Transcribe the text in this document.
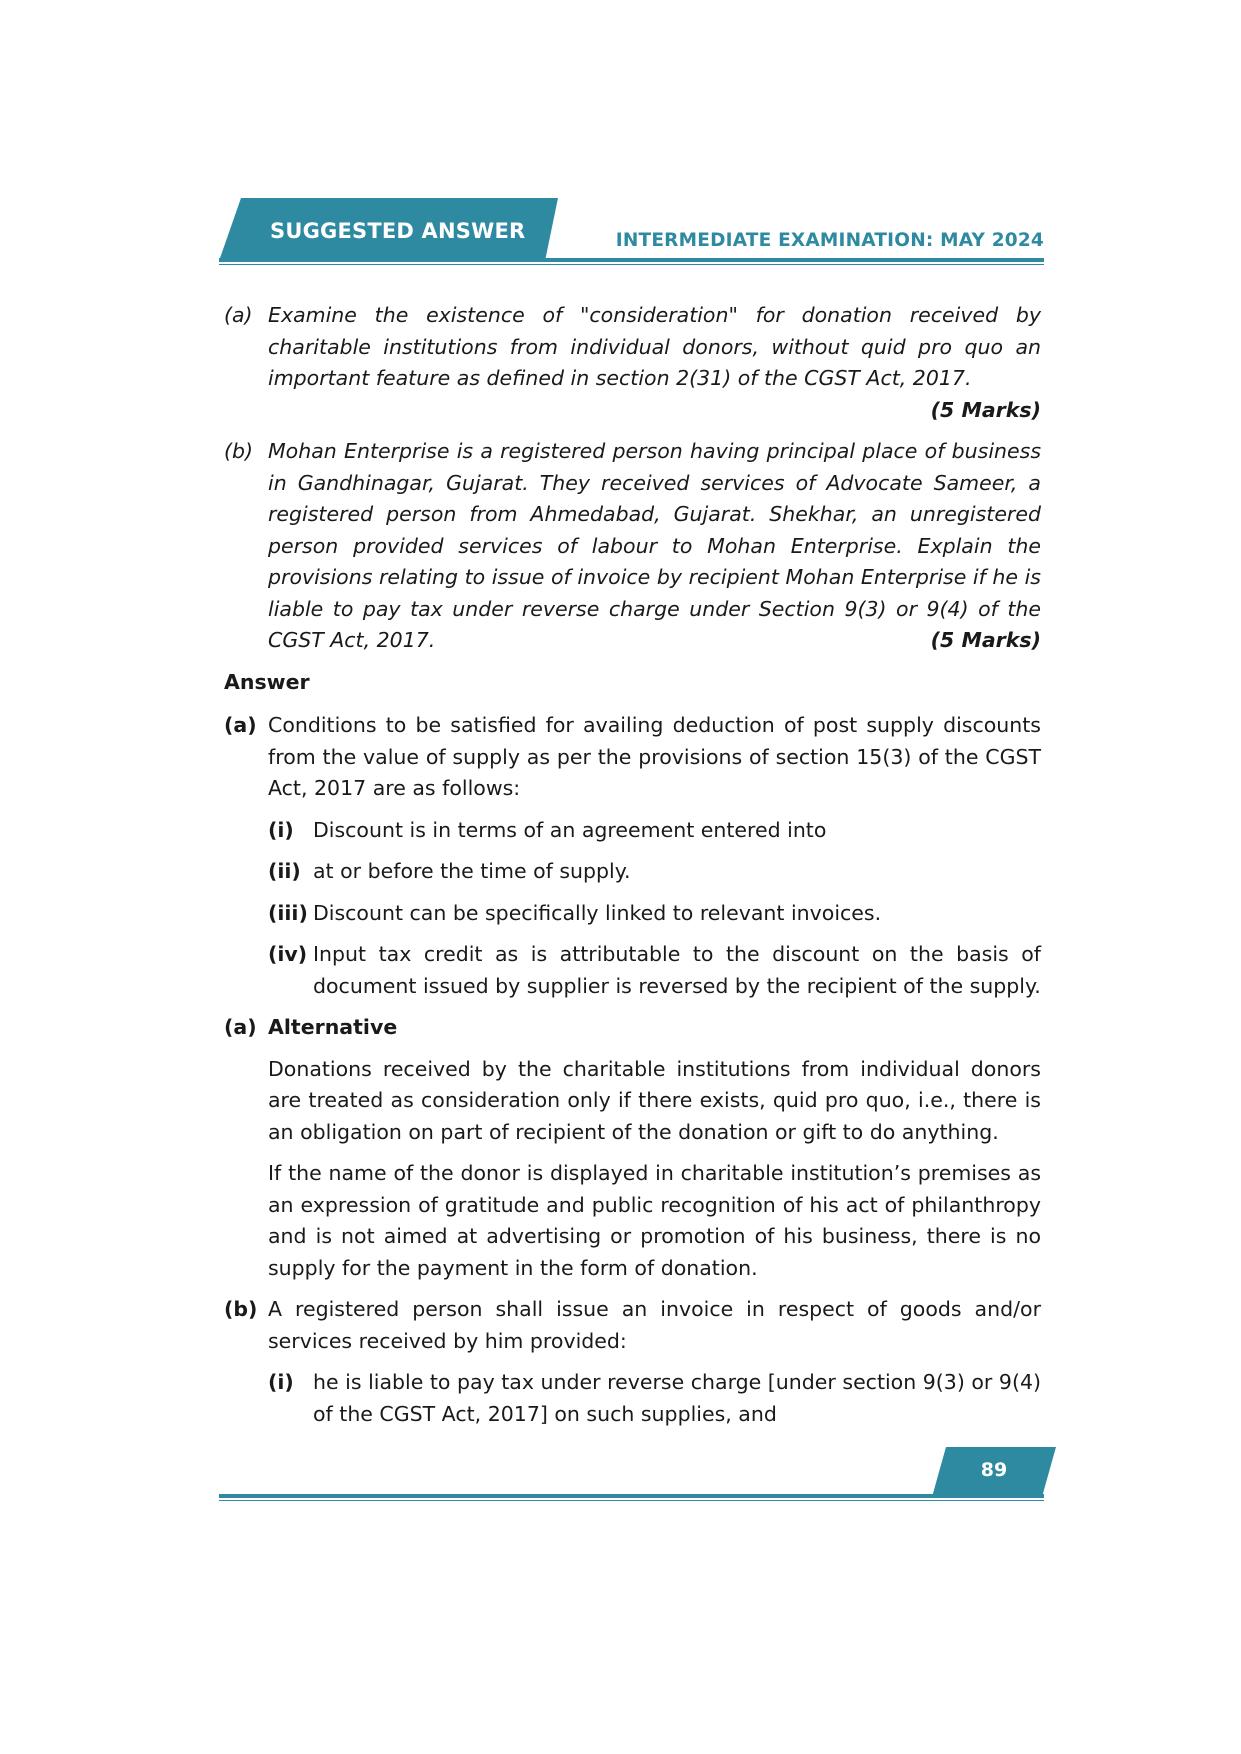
SUGGESTED ANSWER	INTERMEDIATE EXAMINATION: MAY 2024
(a) Examine the existence of "consideration" for donation received by charitable institutions from individual donors, without quid pro quo an important feature as defined in section 2(31) of the CGST Act, 2017.
(5 Marks)
(b) Mohan Enterprise is a registered person having principal place of business in Gandhinagar, Gujarat. They received services of Advocate Sameer, a registered person from Ahmedabad, Gujarat. Shekhar, an unregistered person provided services of labour to Mohan Enterprise. Explain the provisions relating to issue of invoice by recipient Mohan Enterprise if he is liable to pay tax under reverse charge under Section 9(3) or 9(4) of the CGST Act, 2017.	(5 Marks)
Answer
(a) Conditions to be satisfied for availing deduction of post supply discounts from the value of supply as per the provisions of section 15(3) of the CGST Act, 2017 are as follows:
(i) Discount is in terms of an agreement entered into
(ii) at or before the time of supply.
(iii) Discount can be specifically linked to relevant invoices.
(iv) Input tax credit as is attributable to the discount on the basis of document issued by supplier is reversed by the recipient of the supply.
(a) Alternative
Donations received by the charitable institutions from individual donors are treated as consideration only if there exists, quid pro quo, i.e., there is an obligation on part of recipient of the donation or gift to do anything.
If the name of the donor is displayed in charitable institution’s premises as an expression of gratitude and public recognition of his act of philanthropy and is not aimed at advertising or promotion of his business, there is no supply for the payment in the form of donation.
(b) A registered person shall issue an invoice in respect of goods and/or services received by him provided:
(i) he is liable to pay tax under reverse charge [under section 9(3) or 9(4) of the CGST Act, 2017] on such supplies, and
89
